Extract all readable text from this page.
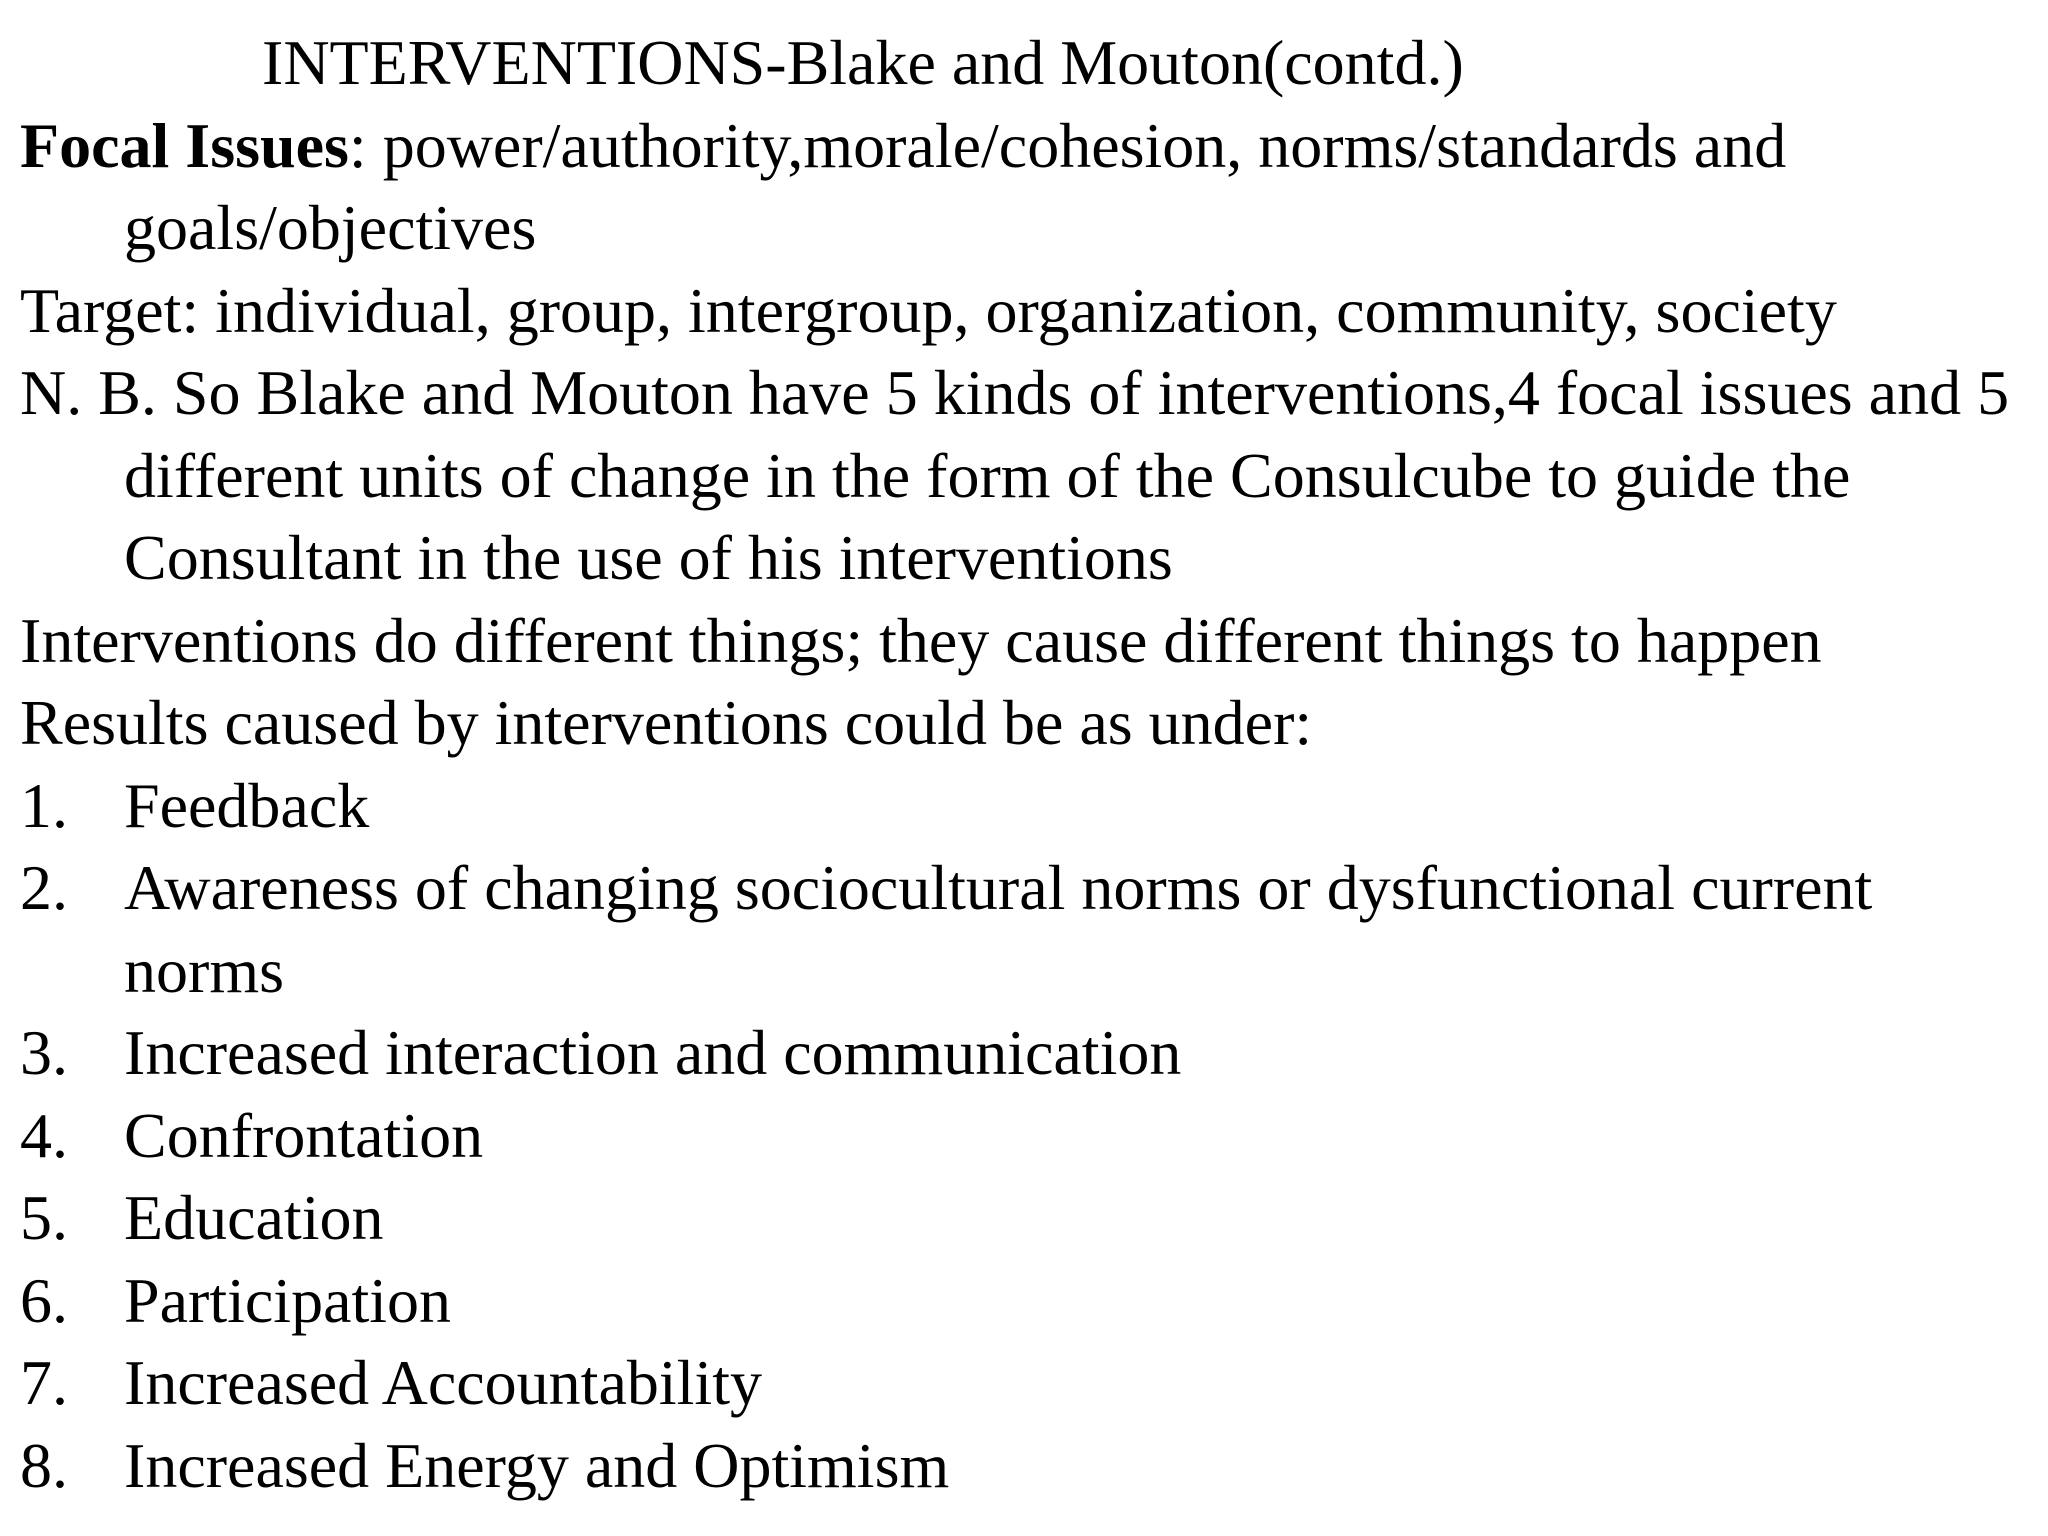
INTERVENTIONS-Blake and Mouton(contd.)

Focal Issues: power/authority,morale/cohesion, norms/standards and goals/objectives

Target: individual, group, intergroup, organization, community, society

N. B. So Blake and Mouton have 5 kinds of interventions,4 focal issues and 5 different units of change in the form of the Consulcube to guide the Consultant in the use of his interventions

Interventions do different things; they cause different things to happen

Results caused by interventions could be as under:

1. Feedback
2. Awareness of changing sociocultural norms or dysfunctional current norms
3. Increased interaction and communication
4. Confrontation
5. Education
6. Participation
7. Increased Accountability
8. Increased Energy and Optimism
